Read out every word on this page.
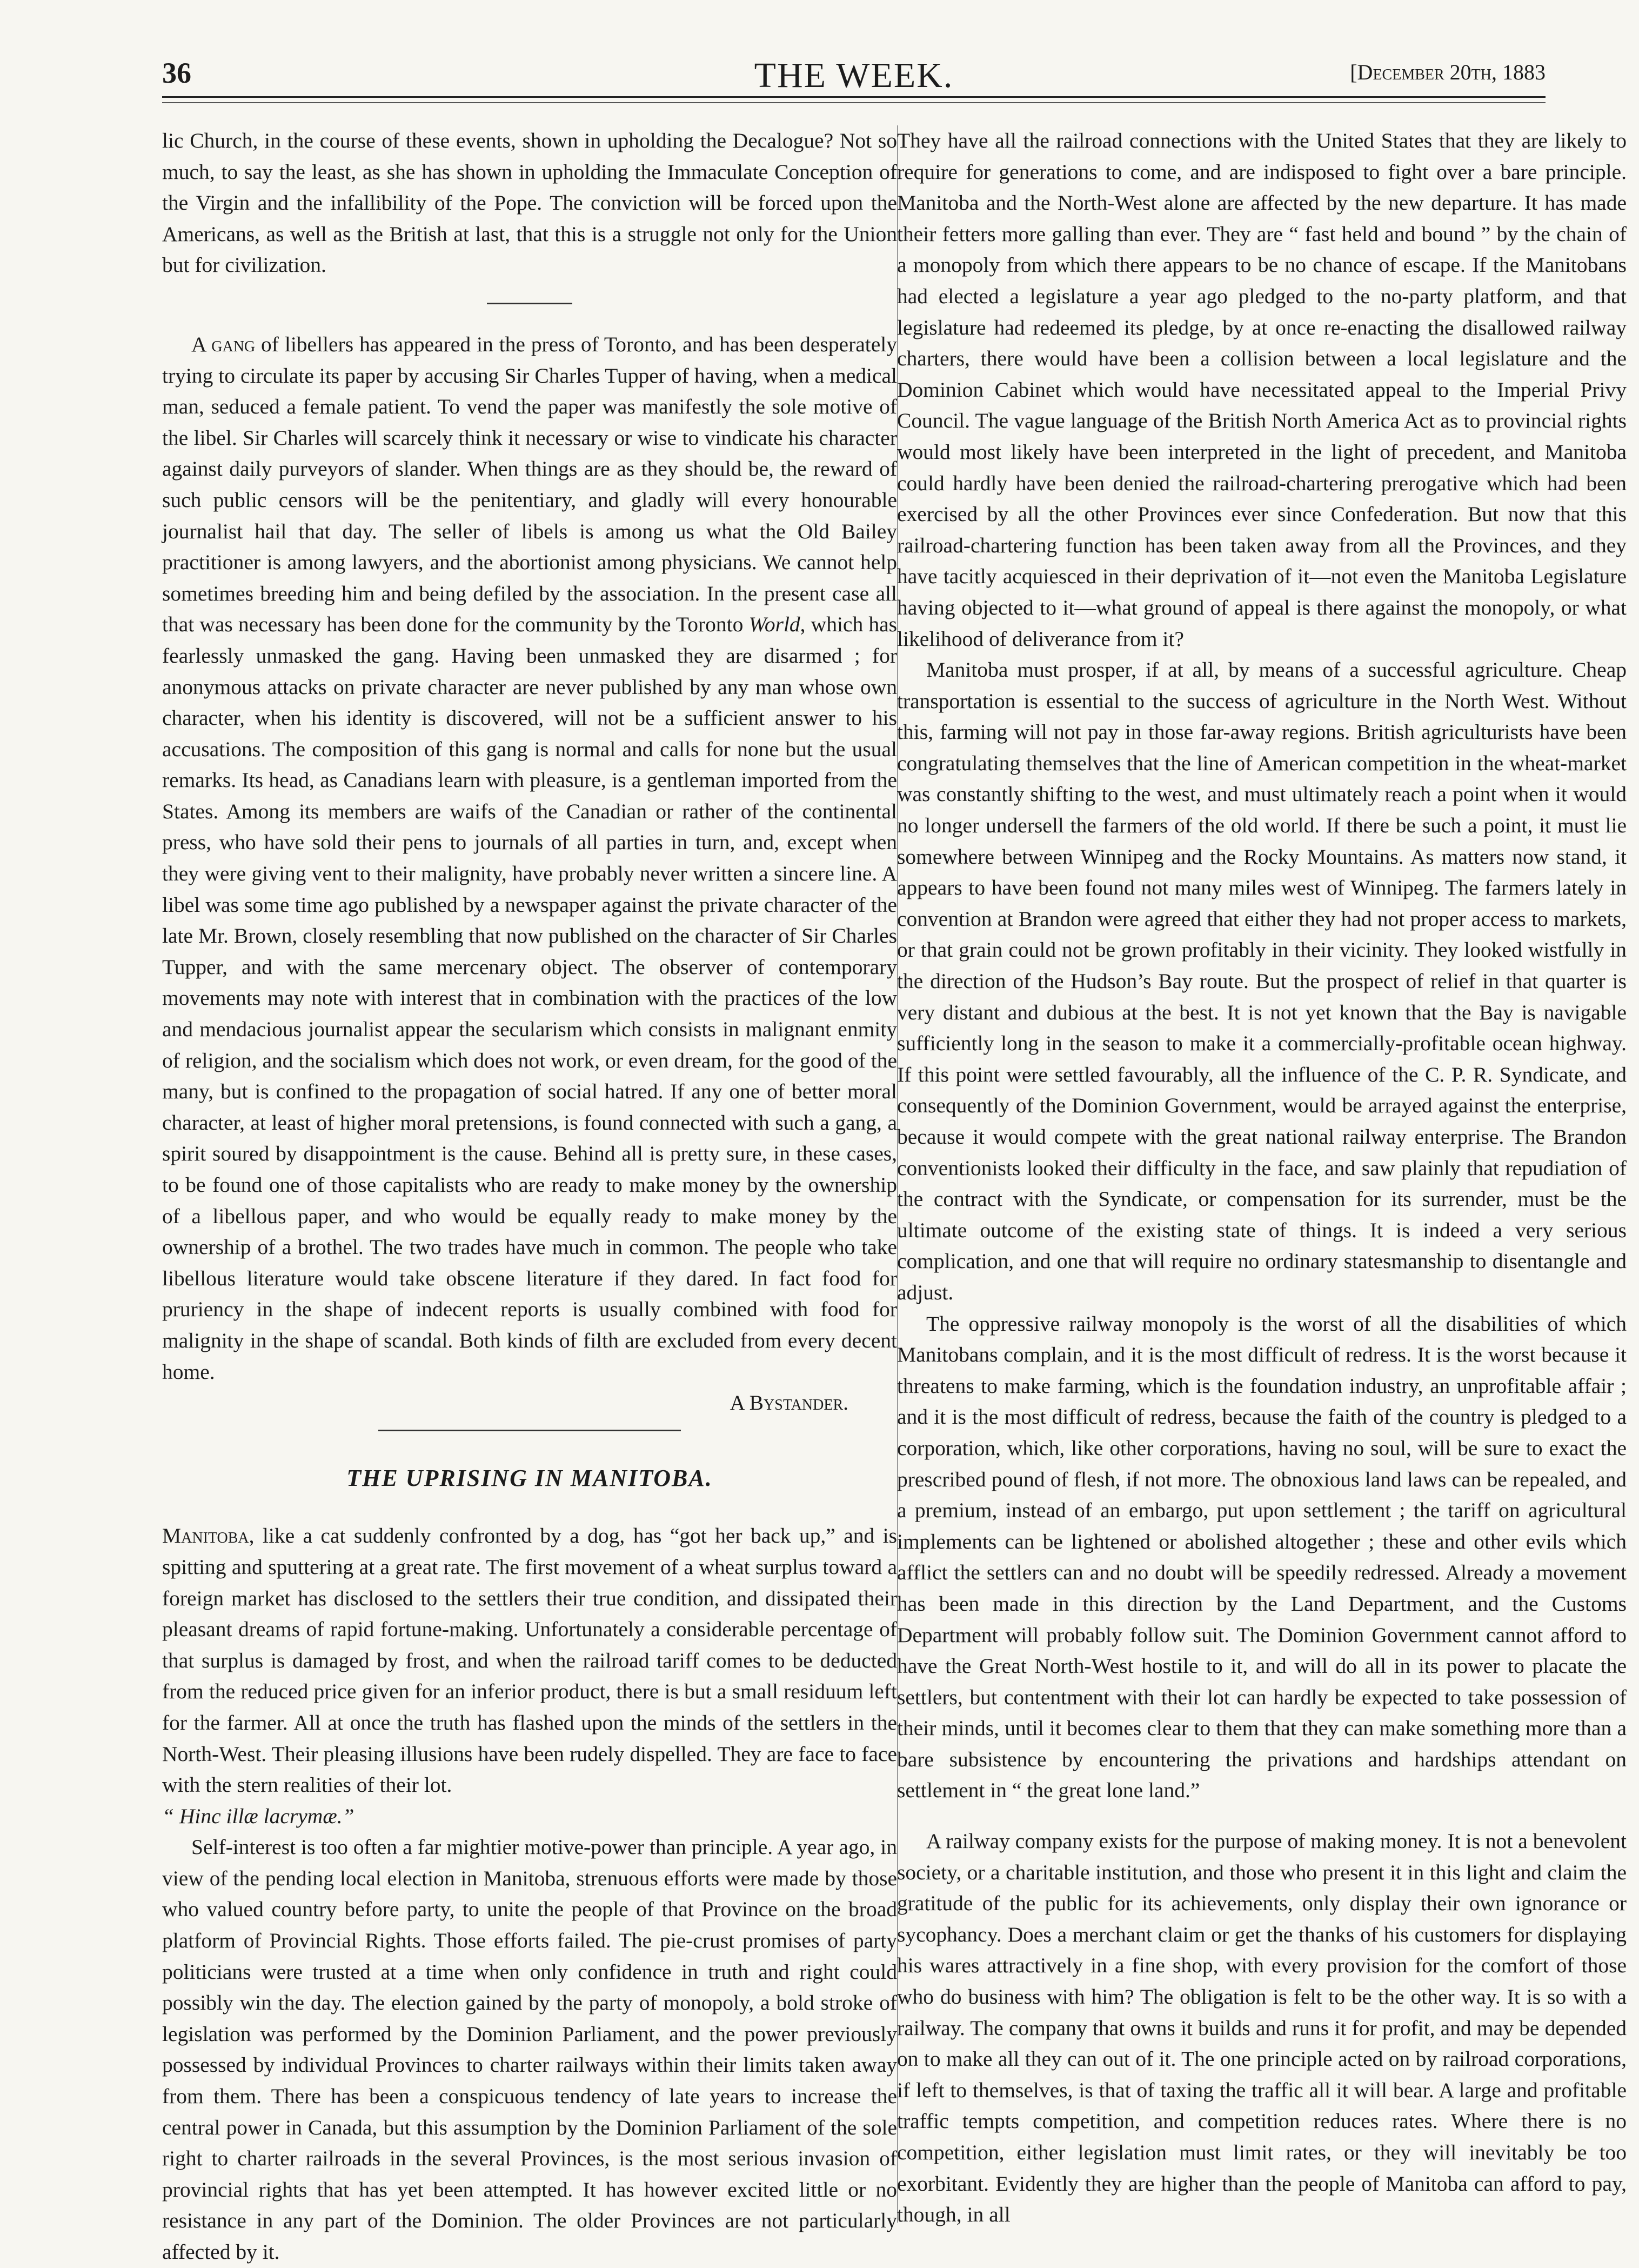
36	THE WEEK.	[December 20th, 1883

lic Church, in the course of these events, shown in upholding the Decalogue? Not so much, to say the least, as she has shown in upholding the Immaculate Conception of the Virgin and the infallibility of the Pope. The conviction will be forced upon the Americans, as well as the British at last, that this is a struggle not only for the Union but for civilization.

A gang of libellers has appeared in the press of Toronto, and has been desperately trying to circulate its paper by accusing Sir Charles Tupper of having, when a medical man, seduced a female patient. To vend the paper was manifestly the sole motive of the libel. Sir Charles will scarcely think it necessary or wise to vindicate his character against daily purveyors of slander. When things are as they should be, the reward of such public censors will be the penitentiary, and gladly will every honourable journalist hail that day. The seller of libels is among us what the Old Bailey practitioner is among lawyers, and the abortionist among physicians. We cannot help sometimes breeding him and being defiled by the association. In the present case all that was necessary has been done for the community by the Toronto World, which has fearlessly unmasked the gang. Having been unmasked they are disarmed ; for anonymous attacks on private character are never published by any man whose own character, when his identity is discovered, will not be a sufficient answer to his accusations. The composition of this gang is normal and calls for none but the usual remarks. Its head, as Canadians learn with pleasure, is a gentleman imported from the States. Among its members are waifs of the Canadian or rather of the continental press, who have sold their pens to journals of all parties in turn, and, except when they were giving vent to their malignity, have probably never written a sincere line. A libel was some time ago published by a newspaper against the private character of the late Mr. Brown, closely resembling that now published on the character of Sir Charles Tupper, and with the same mercenary object. The observer of contemporary movements may note with interest that in combination with the practices of the low and mendacious journalist appear the secularism which consists in malignant enmity of religion, and the socialism which does not work, or even dream, for the good of the many, but is confined to the propagation of social hatred. If any one of better moral character, at least of higher moral pretensions, is found connected with such a gang, a spirit soured by disappointment is the cause. Behind all is pretty sure, in these cases, to be found one of those capitalists who are ready to make money by the ownership of a libellous paper, and who would be equally ready to make money by the ownership of a brothel. The two trades have much in common. The people who take libellous literature would take obscene literature if they dared. In fact food for pruriency in the shape of indecent reports is usually combined with food for malignity in the shape of scandal. Both kinds of filth are excluded from every decent home.

A Bystander.

THE UPRISING IN MANITOBA.

Manitoba, like a cat suddenly confronted by a dog, has “got her back up,” and is spitting and sputtering at a great rate. The first movement of a wheat surplus toward a foreign market has disclosed to the settlers their true condition, and dissipated their pleasant dreams of rapid fortune-making. Unfortunately a considerable percentage of that surplus is damaged by frost, and when the railroad tariff comes to be deducted from the reduced price given for an inferior product, there is but a small residuum left for the farmer. All at once the truth has flashed upon the minds of the settlers in the North-West. Their pleasing illusions have been rudely dispelled. They are face to face with the stern realities of their lot.

“ Hinc illæ lacrymæ.”

Self-interest is too often a far mightier motive-power than principle. A year ago, in view of the pending local election in Manitoba, strenuous efforts were made by those who valued country before party, to unite the people of that Province on the broad platform of Provincial Rights. Those efforts failed. The pie-crust promises of party politicians were trusted at a time when only confidence in truth and right could possibly win the day. The election gained by the party of monopoly, a bold stroke of legislation was performed by the Dominion Parliament, and the power previously possessed by individual Provinces to charter railways within their limits taken away from them. There has been a conspicuous tendency of late years to increase the central power in Canada, but this assumption by the Dominion Parliament of the sole right to charter railroads in the several Provinces, is the most serious invasion of provincial rights that has yet been attempted. It has however excited little or no resistance in any part of the Dominion. The older Provinces are not particularly affected by it.

They have all the railroad connections with the United States that they are likely to require for generations to come, and are indisposed to fight over a bare principle. Manitoba and the North-West alone are affected by the new departure. It has made their fetters more galling than ever. They are “ fast held and bound ” by the chain of a monopoly from which there appears to be no chance of escape. If the Manitobans had elected a legislature a year ago pledged to the no-party platform, and that legislature had redeemed its pledge, by at once re-enacting the disallowed railway charters, there would have been a collision between a local legislature and the Dominion Cabinet which would have necessitated appeal to the Imperial Privy Council. The vague language of the British North America Act as to provincial rights would most likely have been interpreted in the light of precedent, and Manitoba could hardly have been denied the railroad-chartering prerogative which had been exercised by all the other Provinces ever since Confederation. But now that this railroad-chartering function has been taken away from all the Provinces, and they have tacitly acquiesced in their deprivation of it—not even the Manitoba Legislature having objected to it—what ground of appeal is there against the monopoly, or what likelihood of deliverance from it?

Manitoba must prosper, if at all, by means of a successful agriculture. Cheap transportation is essential to the success of agriculture in the North West. Without this, farming will not pay in those far-away regions. British agriculturists have been congratulating themselves that the line of American competition in the wheat-market was constantly shifting to the west, and must ultimately reach a point when it would no longer undersell the farmers of the old world. If there be such a point, it must lie somewhere between Winnipeg and the Rocky Mountains. As matters now stand, it appears to have been found not many miles west of Winnipeg. The farmers lately in convention at Brandon were agreed that either they had not proper access to markets, or that grain could not be grown profitably in their vicinity. They looked wistfully in the direction of the Hudson’s Bay route. But the prospect of relief in that quarter is very distant and dubious at the best. It is not yet known that the Bay is navigable sufficiently long in the season to make it a commercially-profitable ocean highway. If this point were settled favourably, all the influence of the C. P. R. Syndicate, and consequently of the Dominion Government, would be arrayed against the enterprise, because it would compete with the great national railway enterprise. The Brandon conventionists looked their difficulty in the face, and saw plainly that repudiation of the contract with the Syndicate, or compensation for its surrender, must be the ultimate outcome of the existing state of things. It is indeed a very serious complication, and one that will require no ordinary statesmanship to disentangle and adjust.

The oppressive railway monopoly is the worst of all the disabilities of which Manitobans complain, and it is the most difficult of redress. It is the worst because it threatens to make farming, which is the foundation industry, an unprofitable affair ; and it is the most difficult of redress, because the faith of the country is pledged to a corporation, which, like other corporations, having no soul, will be sure to exact the prescribed pound of flesh, if not more. The obnoxious land laws can be repealed, and a premium, instead of an embargo, put upon settlement ; the tariff on agricultural implements can be lightened or abolished altogether ; these and other evils which afflict the settlers can and no doubt will be speedily redressed. Already a movement has been made in this direction by the Land Department, and the Customs Department will probably follow suit. The Dominion Government cannot afford to have the Great North-West hostile to it, and will do all in its power to placate the settlers, but contentment with their lot can hardly be expected to take possession of their minds, until it becomes clear to them that they can make something more than a bare subsistence by encountering the privations and hardships attendant on settlement in “ the great lone land.”

A railway company exists for the purpose of making money. It is not a benevolent society, or a charitable institution, and those who present it in this light and claim the gratitude of the public for its achievements, only display their own ignorance or sycophancy. Does a merchant claim or get the thanks of his customers for displaying his wares attractively in a fine shop, with every provision for the comfort of those who do business with him? The obligation is felt to be the other way. It is so with a railway. The company that owns it builds and runs it for profit, and may be depended on to make all they can out of it. The one principle acted on by railroad corporations, if left to themselves, is that of taxing the traffic all it will bear. A large and profitable traffic tempts competition, and competition reduces rates. Where there is no competition, either legislation must limit rates, or they will inevitably be too exorbitant. Evidently they are higher than the people of Manitoba can afford to pay, though, in all
